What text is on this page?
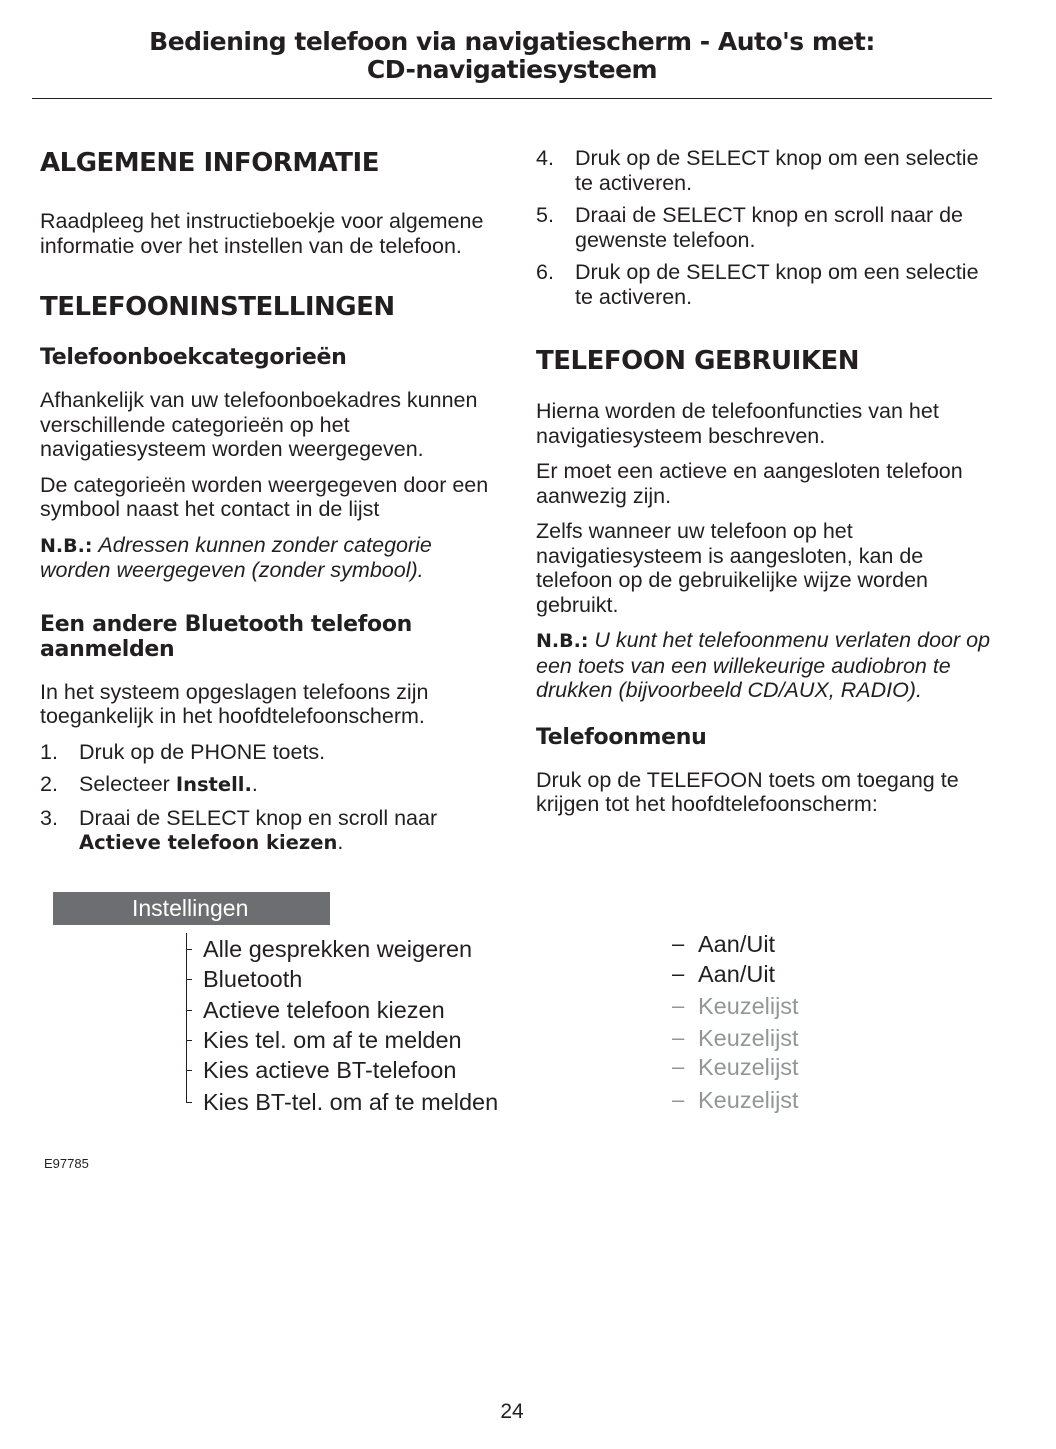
Bediening telefoon via navigatiescherm - Auto's met:
CD-navigatiesysteem
ALGEMENE INFORMATIE

Raadpleeg het instructieboekje voor algemene informatie over het instellen van de telefoon.

TELEFOONINSTELLINGEN
Telefoonboekcategorieën

Afhankelijk van uw telefoonboekadres kunnen verschillende categorieën op het navigatiesysteem worden weergegeven.

De categorieën worden weergegeven door een symbool naast het contact in de lijst

N.B.: Adressen kunnen zonder categorie worden weergegeven (zonder symbool).

Een andere Bluetooth telefoon aanmelden

In het systeem opgeslagen telefoons zijn toegankelijk in het hoofdtelefoonscherm.

1. Druk op de PHONE toets.
2. Selecteer Instell..
3. Draai de SELECT knop en scroll naar Actieve telefoon kiezen.
4. Druk op de SELECT knop om een selectie te activeren.
5. Draai de SELECT knop en scroll naar de gewenste telefoon.
6. Druk op de SELECT knop om een selectie te activeren.
TELEFOON GEBRUIKEN

Hierna worden de telefoonfuncties van het navigatiesysteem beschreven.

Er moet een actieve en aangesloten telefoon aanwezig zijn.

Zelfs wanneer uw telefoon op het navigatiesysteem is aangesloten, kan de telefoon op de gebruikelijke wijze worden gebruikt.

N.B.: U kunt het telefoonmenu verlaten door op een toets van een willekeurige audiobron te drukken (bijvoorbeeld CD/AUX, RADIO).

Telefoonmenu

Druk op de TELEFOON toets om toegang te krijgen tot het hoofdtelefoonscherm:

Instellingen
Alle gesprekken weigeren
Bluetooth
Actieve telefoon kiezen
Kies tel. om af te melden
Kies actieve BT-telefoon
Kies BT-tel. om af te melden
– Aan/Uit
– Aan/Uit
– Keuzelijst
– Keuzelijst
– Keuzelijst
– Keuzelijst
E97785
24
